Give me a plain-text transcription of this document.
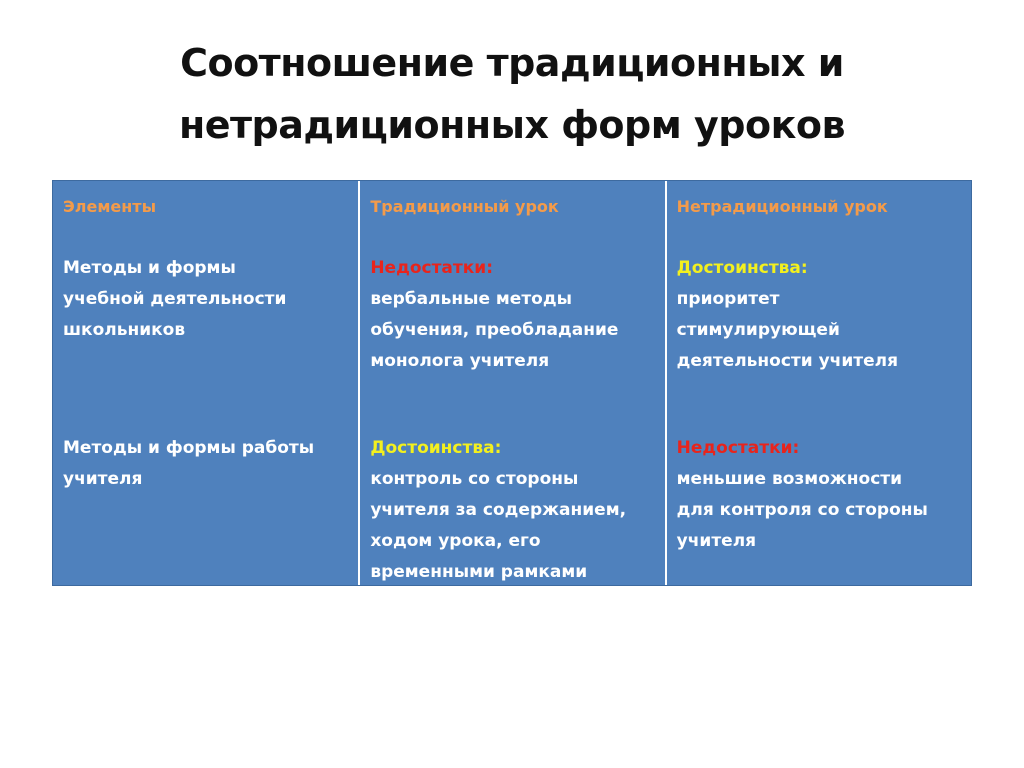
Соотношение традиционных и
нетрадиционных форм уроков
Элементы
Методы и формы
учебной деятельности
школьников
Методы и формы работы
учителя
Традиционный урок
Недостатки:
вербальные методы
обучения, преобладание
монолога учителя
Достоинства:
контроль со стороны
учителя за содержанием,
ходом урока, его
временными рамками
Нетрадиционный урок
Достоинства:
приоритет
стимулирующей
деятельности учителя
Недостатки:
меньшие возможности
для контроля со стороны
учителя
